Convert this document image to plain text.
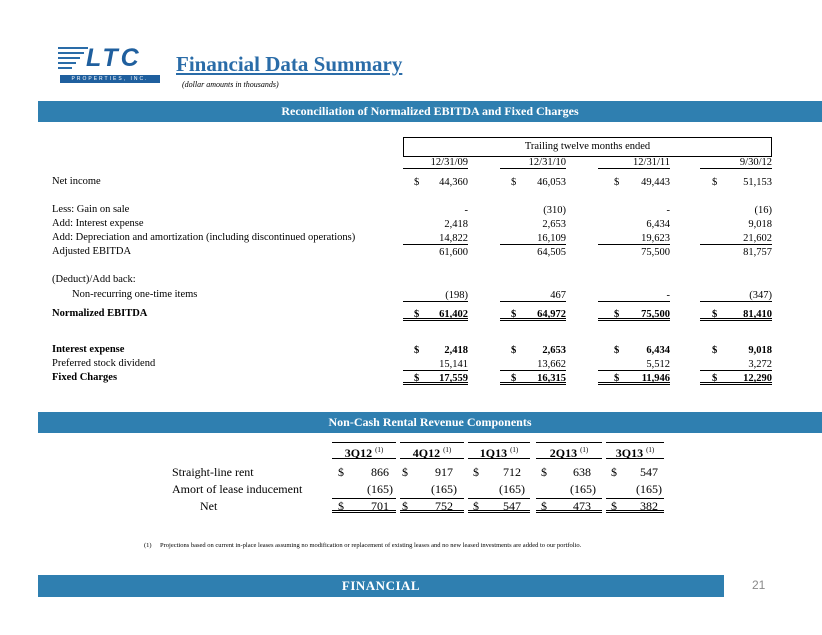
LTC
PROPERTIES, INC.
Financial Data Summary
(dollar amounts in thousands)
Reconciliation of Normalized EBITDA and Fixed Charges
Trailing twelve months ended
12/31/09	12/31/10	12/31/11	9/30/12
Net income	$ 44,360	$ 46,053	$ 49,443	$ 51,153
Less: Gain on sale	-	(310)	-	(16)
Add: Interest expense	2,418	2,653	6,434	9,018
Add: Depreciation and amortization (including discontinued operations)	14,822	16,109	19,623	21,602
Adjusted EBITDA	61,600	64,505	75,500	81,757
(Deduct)/Add back:
Non-recurring one-time items	(198)	467	-	(347)
Normalized EBITDA	$ 61,402	$ 64,972	$ 75,500	$ 81,410
Interest expense	$ 2,418	$ 2,653	$	6,434	$	9,018
Preferred stock dividend	15,141	13,662	5,512	3,272
Fixed Charges	$ 17,559	$ 16,315	$ 11,946	$ 12,290
Non-Cash Rental Revenue Components
3Q12 $^{(1)}$	4Q12 $^{(1)}$	1Q13 $^{(1)}$	2Q13 $^{(1)}$	3Q13 $^{(1)}$
Straight-line rent	$ 866 $ 917 $ 712 $ 638 $ 547
Amort of lease inducement	(165)	(165)	(165)	(165)	(165)
Net	$ 701 $ 752 $ 547 $ 473 $ 382
(1)	Projections based on current in-place leases assuming no modification or replacement of existing leases and no new leased investments are added to our portfolio.
FINANCIAL	21
